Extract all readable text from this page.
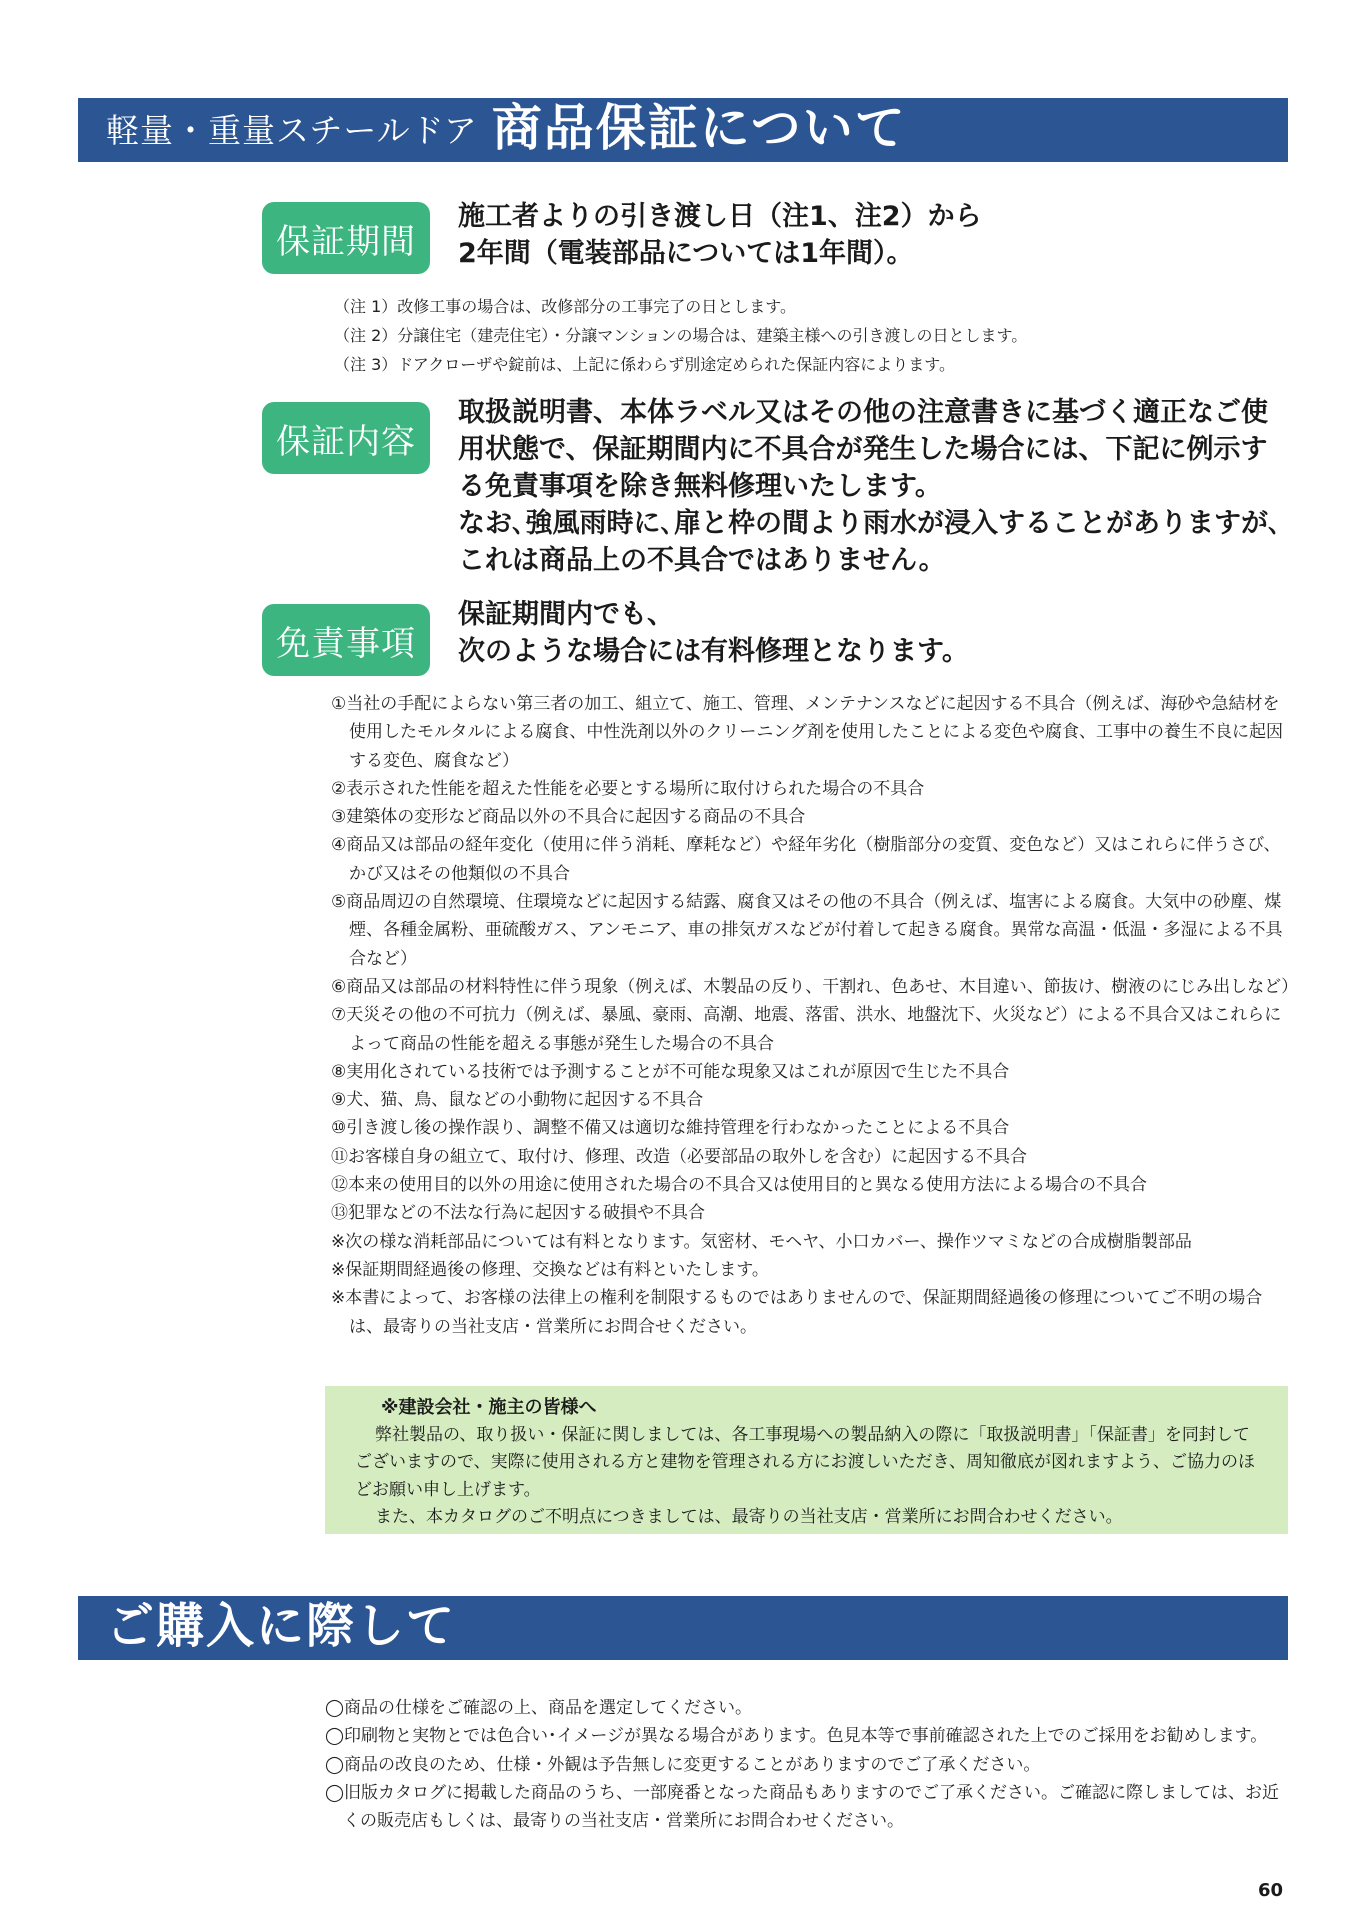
軽量・重量スチールドア 商品保証について
保証期間
施工者よりの引き渡し日（注1、注2）から
2年間（電装部品については1年間）。
（注 1）改修工事の場合は、改修部分の工事完了の日とします。
（注 2）分譲住宅（建売住宅）・分譲マンションの場合は、建築主様への引き渡しの日とします。
（注 3）ドアクローザや錠前は、上記に係わらず別途定められた保証内容によります。
保証内容
取扱説明書、本体ラベル又はその他の注意書きに基づく適正なご使
用状態で、保証期間内に不具合が発生した場合には、下記に例示す
る免責事項を除き無料修理いたします。
なお､強風雨時に､扉と枠の間より雨水が浸入することがありますが､
これは商品上の不具合ではありません。
免責事項
保証期間内でも、
次のような場合には有料修理となります。
①当社の手配によらない第三者の加工、組立て、施工、管理、メンテナンスなどに起因する不具合（例えば、海砂や急結材を使用したモルタルによる腐食、中性洗剤以外のクリーニング剤を使用したことによる変色や腐食、工事中の養生不良に起因する変色、腐食など）
②表示された性能を超えた性能を必要とする場所に取付けられた場合の不具合
③建築体の変形など商品以外の不具合に起因する商品の不具合
④商品又は部品の経年変化（使用に伴う消耗、摩耗など）や経年劣化（樹脂部分の変質、変色など）又はこれらに伴うさび、かび又はその他類似の不具合
⑤商品周辺の自然環境、住環境などに起因する結露、腐食又はその他の不具合（例えば、塩害による腐食。大気中の砂塵、煤煙、各種金属粉、亜硫酸ガス、アンモニア、車の排気ガスなどが付着して起きる腐食。異常な高温・低温・多湿による不具合など）
⑥商品又は部品の材料特性に伴う現象（例えば、木製品の反り、干割れ、色あせ、木目違い、節抜け、樹液のにじみ出しなど）
⑦天災その他の不可抗力（例えば、暴風、豪雨、高潮、地震、落雷、洪水、地盤沈下、火災など）による不具合又はこれらによって商品の性能を超える事態が発生した場合の不具合
⑧実用化されている技術では予測することが不可能な現象又はこれが原因で生じた不具合
⑨犬、猫、鳥、鼠などの小動物に起因する不具合
⑩引き渡し後の操作誤り、調整不備又は適切な維持管理を行わなかったことによる不具合
⑪お客様自身の組立て、取付け、修理、改造（必要部品の取外しを含む）に起因する不具合
⑫本来の使用目的以外の用途に使用された場合の不具合又は使用目的と異なる使用方法による場合の不具合
⑬犯罪などの不法な行為に起因する破損や不具合
※次の様な消耗部品については有料となります。気密材、モヘヤ、小口カバー、操作ツマミなどの合成樹脂製部品
※保証期間経過後の修理、交換などは有料といたします。
※本書によって、お客様の法律上の権利を制限するものではありませんので、保証期間経過後の修理についてご不明の場合は、最寄りの当社支店・営業所にお問合せください。
※建設会社・施主の皆様へ
弊社製品の、取り扱い・保証に関しましては、各工事現場への製品納入の際に「取扱説明書」「保証書」を同封してございますので、実際に使用される方と建物を管理される方にお渡しいただき、周知徹底が図れますよう、ご協力のほどお願い申し上げます。
また、本カタログのご不明点につきましては、最寄りの当社支店・営業所にお問合わせください。
ご購入に際して
◯商品の仕様をご確認の上、商品を選定してください。
◯印刷物と実物とでは色合い･イメージが異なる場合があります。色見本等で事前確認された上でのご採用をお勧めします。
◯商品の改良のため、仕様・外観は予告無しに変更することがありますのでご了承ください。
◯旧版カタログに掲載した商品のうち、一部廃番となった商品もありますのでご了承ください。ご確認に際しましては、お近くの販売店もしくは、最寄りの当社支店・営業所にお問合わせください。
60
